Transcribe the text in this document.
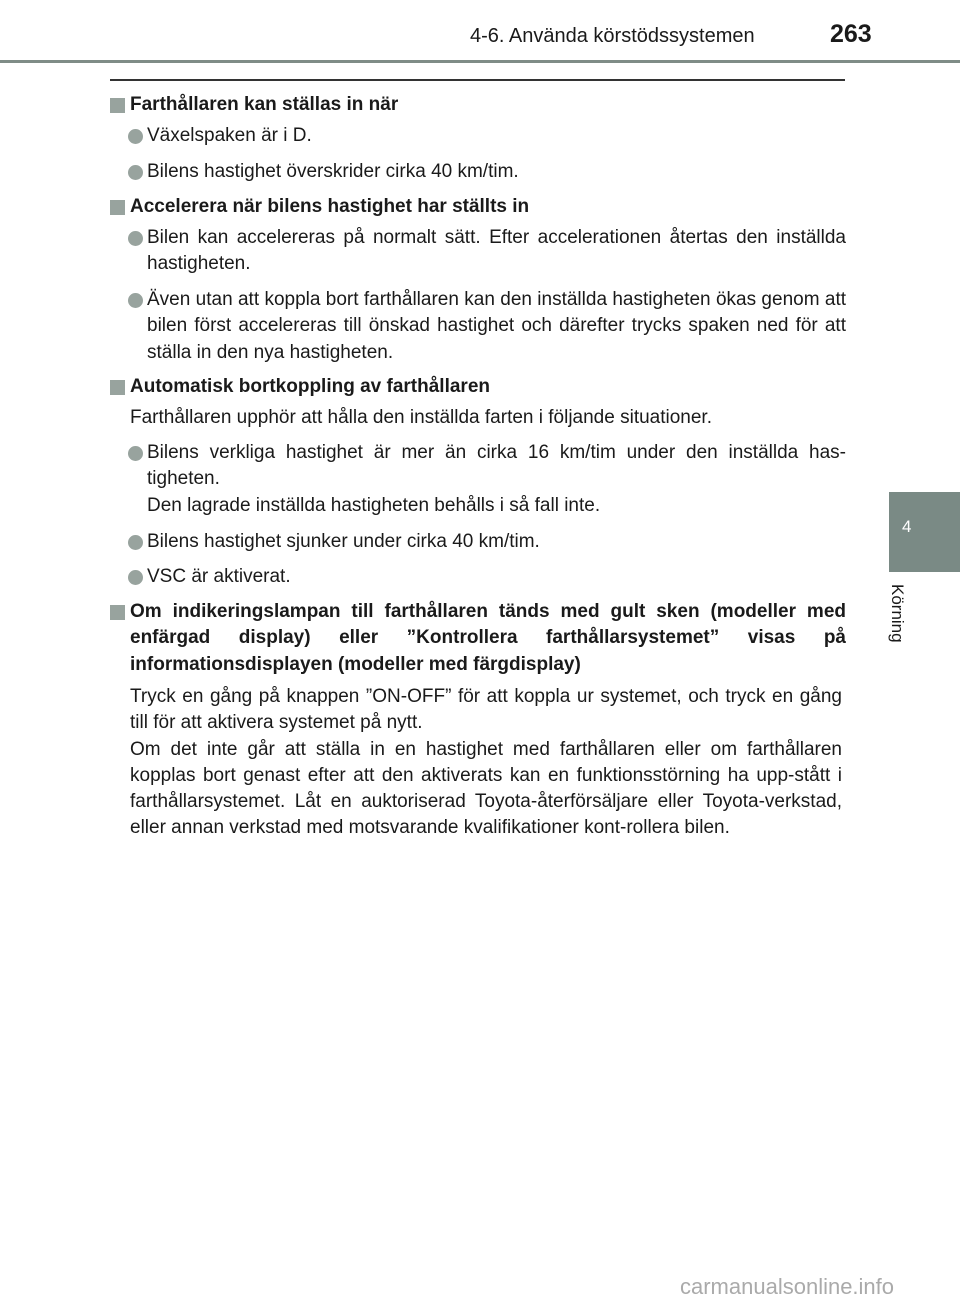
4-6. Använda körstödssystemen	263
4
Körning
Farthållaren kan ställas in när
Växelspaken är i D.
Bilens hastighet överskrider cirka 40 km/tim.
Accelerera när bilens hastighet har ställts in
Bilen kan accelereras på normalt sätt. Efter accelerationen återtas den inställda hastigheten.
Även utan att koppla bort farthållaren kan den inställda hastigheten ökas genom att bilen först accelereras till önskad hastighet och därefter trycks spaken ned för att ställa in den nya hastigheten.
Automatisk bortkoppling av farthållaren
Farthållaren upphör att hålla den inställda farten i följande situationer.
Bilens verkliga hastighet är mer än cirka 16 km/tim under den inställda has-tigheten.
Den lagrade inställda hastigheten behålls i så fall inte.
Bilens hastighet sjunker under cirka 40 km/tim.
VSC är aktiverat.
Om indikeringslampan till farthållaren tänds med gult sken (modeller med enfärgad display) eller ”Kontrollera farthållarsystemet” visas på informationsdisplayen (modeller med färgdisplay)
Tryck en gång på knappen ”ON-OFF” för att koppla ur systemet, och tryck en gång till för att aktivera systemet på nytt.
Om det inte går att ställa in en hastighet med farthållaren eller om farthållaren kopplas bort genast efter att den aktiverats kan en funktionsstörning ha upp-stått i farthållarsystemet. Låt en auktoriserad Toyota-återförsäljare eller Toyota-verkstad, eller annan verkstad med motsvarande kvalifikationer kont-rollera bilen.
carmanualsonline.info
